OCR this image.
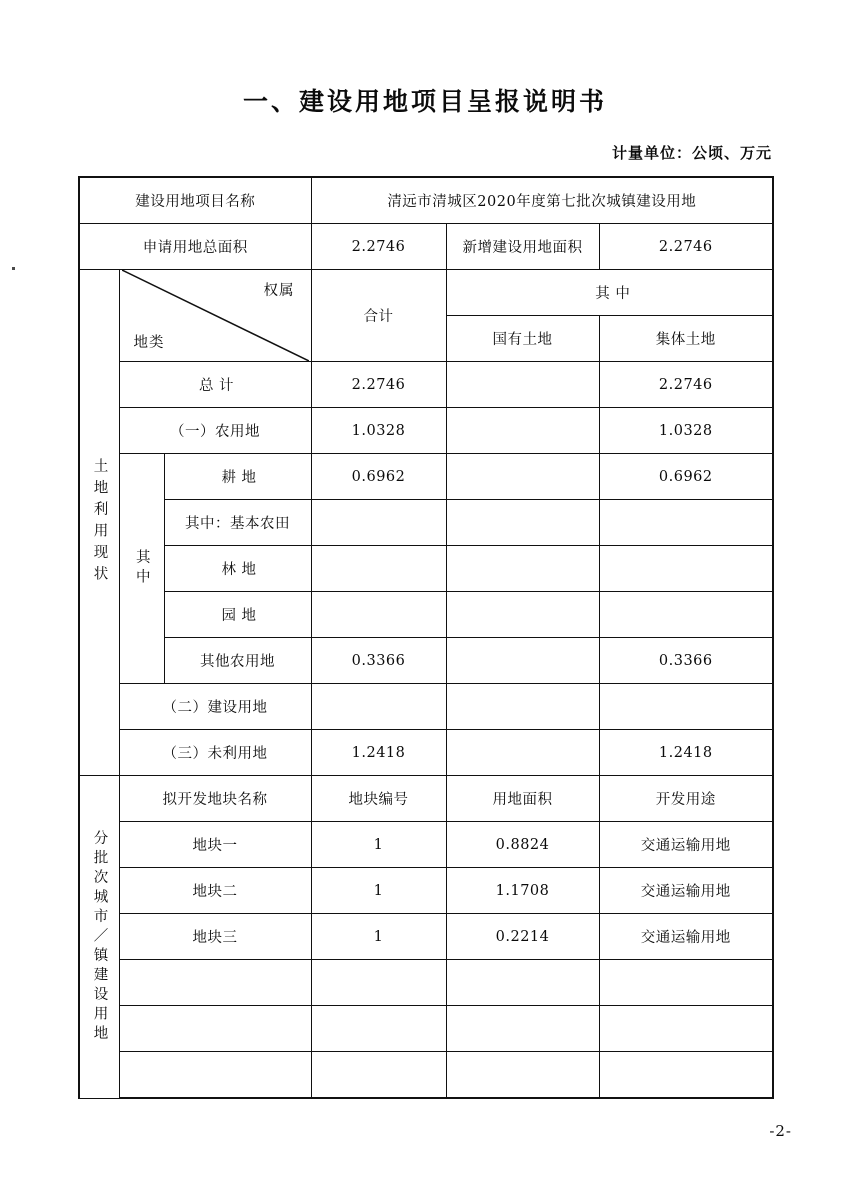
一、建设用地项目呈报说明书
计量单位：公顷、万元
建设用地项目名称			清远市清城区2020年度第七批次城镇建设用地		
申请用地总面积			2.2746	新增建设用地面积	2.2746

土地利用现状	权属
地类		合计	其 中	
				国有土地	集体土地
	总 计		2.2746		2.2746
	（一）农用地		1.0328		1.0328

其中	耕 地	0.6962		0.6962
		其中：基本农田			
		林 地			
		园 地			
		其他农用地	0.3366		0.3366
	（二）建设用地				
	（三）未利用地		1.2418		1.2418

分批次城市／镇建设用地	拟开发地块名称		地块编号	用地面积	开发用途
	地块一		1	0.8824	交通运输用地
	地块二		1	1.1708	交通运输用地
	地块三		1	0.2214	交通运输用地

-2-
